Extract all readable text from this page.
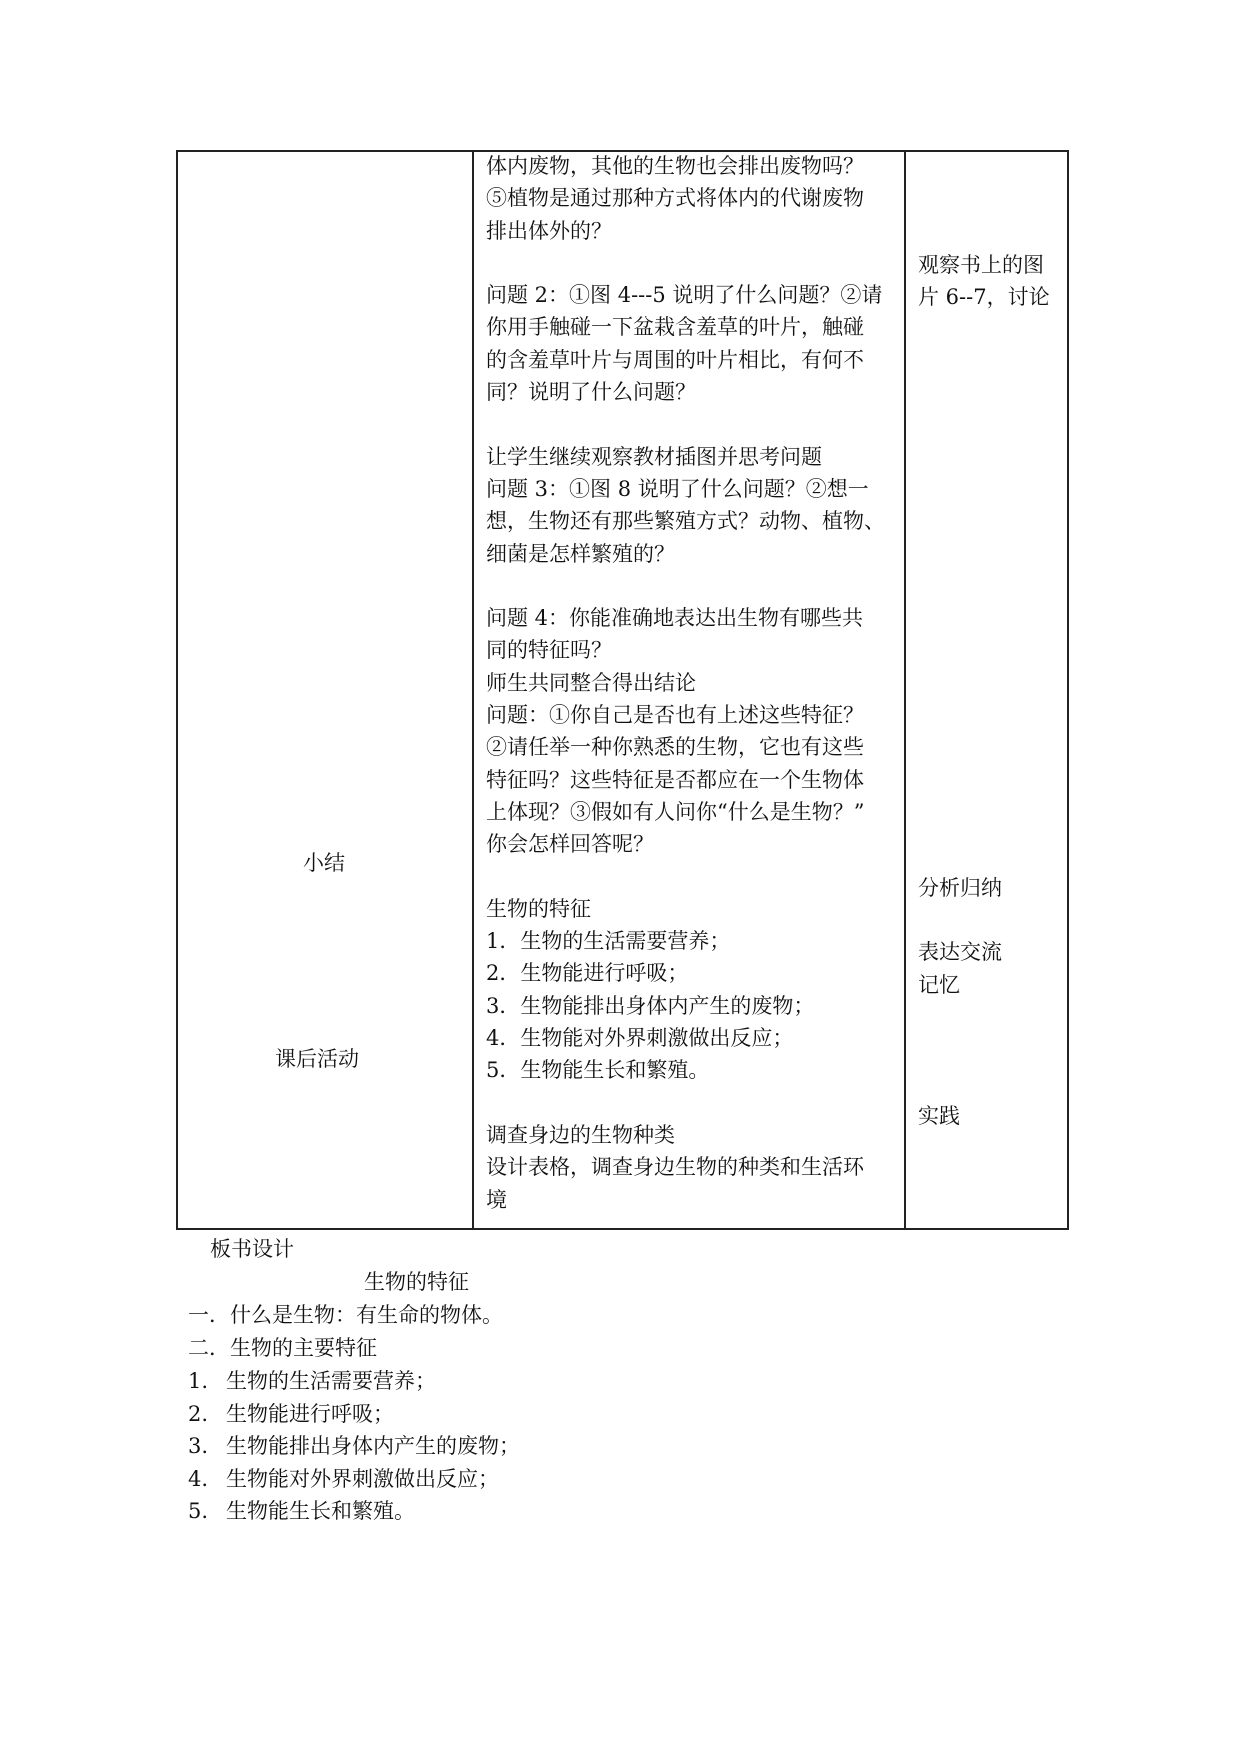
小结
课后活动

体内废物，其他的生物也会排出废物吗？

⑤植物是通过那种方式将体内的代谢废物

排出体外的？

问题 2：①图 4---5 说明了什么问题？②请

你用手触碰一下盆栽含羞草的叶片，触碰

的含羞草叶片与周围的叶片相比，有何不

同？说明了什么问题？

让学生继续观察教材插图并思考问题

问题 3：①图 8 说明了什么问题？②想一

想，生物还有那些繁殖方式？动物、植物、

细菌是怎样繁殖的？

问题 4：你能准确地表达出生物有哪些共

同的特征吗？

师生共同整合得出结论

问题：①你自己是否也有上述这些特征？

②请任举一种你熟悉的生物，它也有这些

特征吗？这些特征是否都应在一个生物体

上体现？③假如有人问你“什么是生物？”

你会怎样回答呢？

生物的特征

1．生物的生活需要营养；

2．生物能进行呼吸；

3．生物能排出身体内产生的废物；

4．生物能对外界刺激做出反应；

5．生物能生长和繁殖。

调查身边的生物种类

设计表格，调查身边生物的种类和生活环

境

观察书上的图

片 6--7，讨论

分析归纳
表达交流
记忆
实践
板书设计
生物的特征
一．什么是生物：有生命的物体。
二．生物的主要特征
1. 生物的生活需要营养；
2. 生物能进行呼吸；
3. 生物能排出身体内产生的废物；
4. 生物能对外界刺激做出反应；
5. 生物能生长和繁殖。
